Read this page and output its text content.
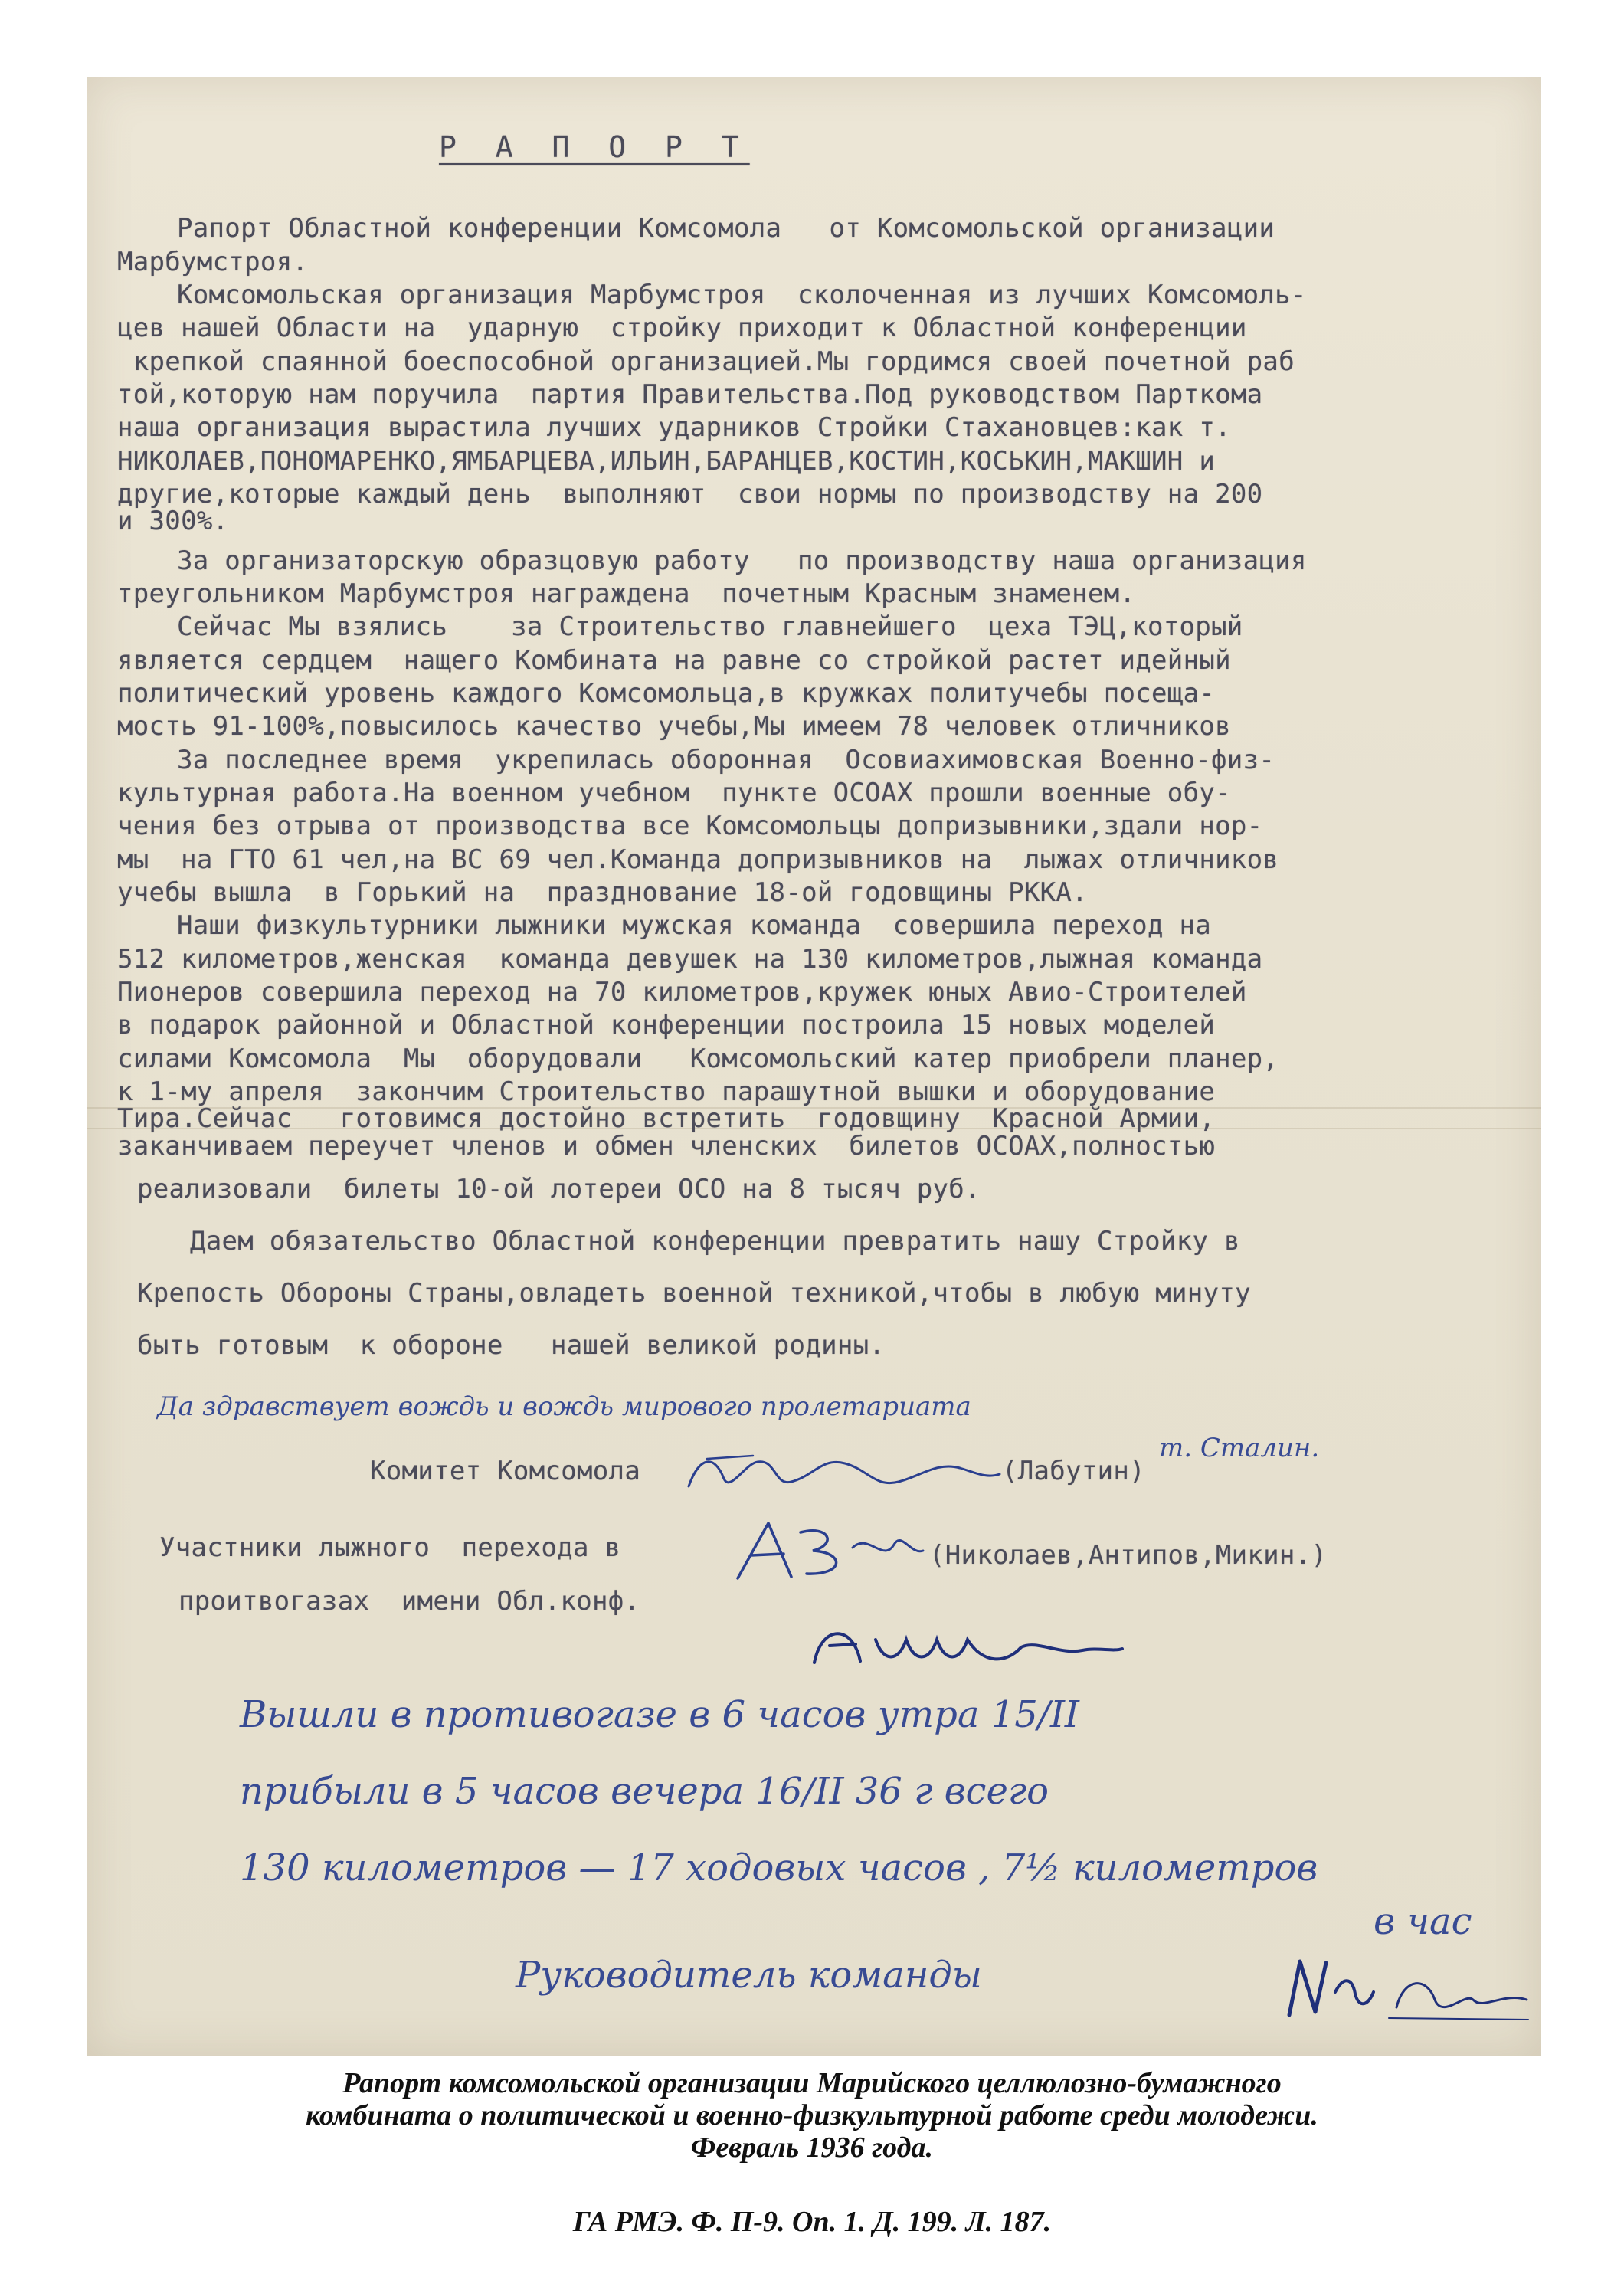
Р А П О Р Т
Рапорт Областной конференции Комсомола   от Комсомольской организации
Марбумстроя.
Комсомольская организация Марбумстроя  сколоченная из лучших Комсомоль-
цев нашей Области на  ударную  стройку приходит к Областной конференции
крепкой спаянной боеспособной организацией.Мы гордимся своей почетной раб
той,которую нам поручила  партия Правительства.Под руководством Парткома
наша организация вырастила лучших ударников Стройки Стахановцев:как т.
НИКОЛАЕВ,ПОНОМАРЕНКО,ЯМБАРЦЕВА,ИЛЬИН,БАРАНЦЕВ,КОСТИН,КОСЬКИН,МАКШИН и
другие,которые каждый день  выполняют  свои нормы по производству на 200
и 300%.
За организаторскую образцовую работу   по производству наша организация
треугольником Марбумстроя награждена  почетным Красным знаменем.
Сейчас Мы взялись    за Строительство главнейшего  цеха ТЭЦ,который
является сердцем  нащего Комбината на равне со стройкой растет идейный
политический уровень каждого Комсомольца,в кружках политучебы посеща-
мость 91-100%,повысилось качество учебы,Мы имеем 78 человек отличников
За последнее время  укрепилась оборонная  Осовиахимовская Военно-физ-
культурная работа.На военном учебном  пункте ОСОАХ прошли военные обу-
чения без отрыва от производства все Комсомольцы допризывники,здали нор-
мы  на ГТО 61 чел,на ВС 69 чел.Команда допризывников на  лыжах отличников
учебы вышла  в Горький на  празднование 18-ой годовщины РККА.
Наши физкультурники лыжники мужская команда  совершила переход на
512 километров,женская  команда девушек на 130 километров,лыжная команда
Пионеров совершила переход на 70 километров,кружек юных Авио-Строителей
в подарок районной и Областной конференции построила 15 новых моделей
силами Комсомола  Мы  оборудовали   Комсомольский катер приобрели планер,
к 1-му апреля  закончим Строительство парашутной вышки и оборудование
Тира.Сейчас   готовимся достойно встретить  годовщину  Красной Армии,
заканчиваем переучет членов и обмен членских  билетов ОСОАХ,полностью
реализовали  билеты 10-ой лотереи ОСО на 8 тысяч руб.
Даем обязательство Областной конференции превратить нашу Стройку в
Крепость Обороны Страны,овладеть военной техникой,чтобы в любую минуту
быть готовым  к обороне   нашей великой родины.
Да здравствует вождь и вождь мирового пролетариата
т. Сталин.
Комитет Комсомола	(Лабутин)
Участники лыжного  перехода в
проитвогазах  имени Обл.конф.
(Николаев,Антипов,Микин.)
Вышли в противогазе в 6 часов утра 15/II
прибыли в 5 часов вечера 16/II 36 г всего
130 километров — 17 ходовых часов , 7½ километров
в час
Руководитель команды
Рапорт комсомольской организации Марийского целлюлозно-бумажного
комбината о политической и военно-физкультурной работе среди молодежи.
Февраль 1936 года.
ГА РМЭ. Ф. П-9. Оп. 1. Д. 199. Л. 187.
